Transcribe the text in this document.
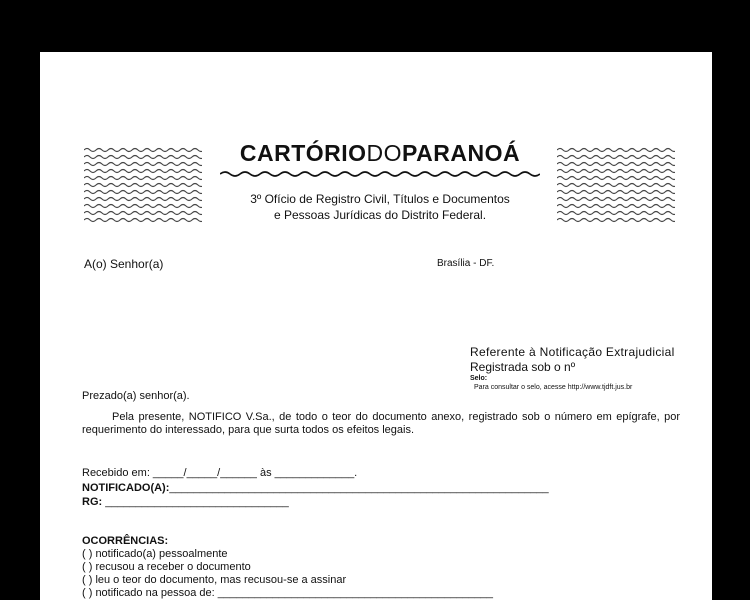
CARTÓRIODOPARANOÁ
3º Ofício de Registro Civil, Títulos e Documentos
e Pessoas Jurídicas do Distrito Federal.
A(o) Senhor(a)	Brasília - DF.
Referente à Notificação Extrajudicial
Registrada sob o nº
Selo:
Para consultar o selo, acesse http://www.tjdft.jus.br
Prezado(a) senhor(a).
Pela presente, NOTIFICO V.Sa., de todo o teor do documento anexo, registrado sob o número em epígrafe, por requerimento do interessado, para que surta todos os efeitos legais.
Recebido em: _____/_____/______ às _____________.
NOTIFICADO(A):______________________________________________________________
RG: ______________________________
OCORRÊNCIAS:
( ) notificado(a) pessoalmente
( ) recusou a receber o documento
( ) leu o teor do documento, mas recusou-se a assinar
( ) notificado na pessoa de: _____________________________________________
